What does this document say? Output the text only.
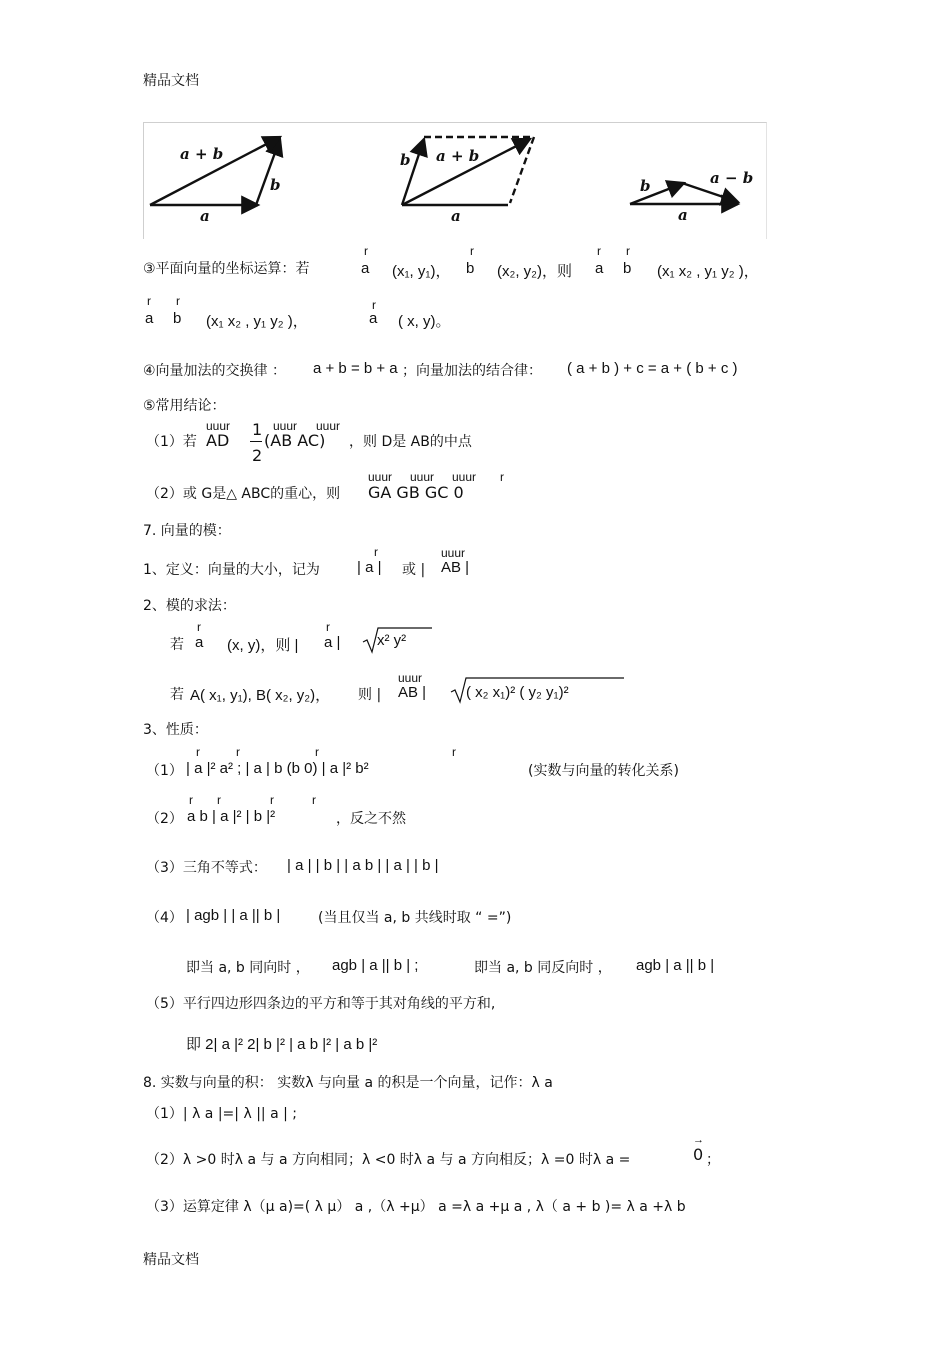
精品文档
a + b
b
a
b a + b
a
b	a − b
a
③平面向量的坐标运算：若
r
a (x₁, y₁)，
r
b (x₂, y₂)，则
r
a
r
b (x₁ x₂ , y₁ y₂ )，
r
a
r
b (x₁ x₂ , y₁ y₂ )，
r
a ( x, y)。
④向量加法的交换律 ： a + b = b + a ；向量加法的结合律： ( a + b ) + c = a + ( b + c )
⑤常用结论：
（1）若
uuur
AD
1
2
uuur uuur
(AB AC) ，则 D是 AB的中点
（2）或 G是△ ABC的重心，则
uuur uuur uuur r
GA GB GC 0
7. 向量的模：
1、定义：向量的大小，记为
r
| a | 或 |
uuur
AB |
2、模的求法：
若
r
a (x, y)，则 |
r
a | x² y²
若 A( x₁, y₁), B( x₂, y₂)， 则 |
uuur
AB |	( x₂ x₁)² ( y₂ y₁)²
3、性质：
（1）
r	r	r	r
| a |² a² ; | a | b (b 0) | a |² b²	(实数与向量的转化关系)
（2）
r r	r	r
a b | a |² | b |²	，反之不然
（3）三角不等式： | a | | b | | a b | | a | | b |
（4） | agb | | a || b |	(当且仅当 a, b 共线时取 “ =”)
即当 a, b 同向时 ， agb | a || b | ;	即当 a, b 同反向时 ， agb | a || b |
（5）平行四边形四条边的平方和等于其对角线的平方和,
即 2| a |² 2| b |² | a b |² | a b |²
8. 实数与向量的积： 实数λ 与向量 a 的积是一个向量，记作：λ a
（1）| λ a |=| λ || a | ;
（2）λ >0 时λ a 与 a 方向相同；λ <0 时λ a 与 a 方向相反；λ =0 时λ a =
→
0 ；
（3）运算定律 λ（μ a)=( λ μ） a ,（λ +μ） a =λ a +μ a , λ（ a + b )= λ a +λ b
精品文档
